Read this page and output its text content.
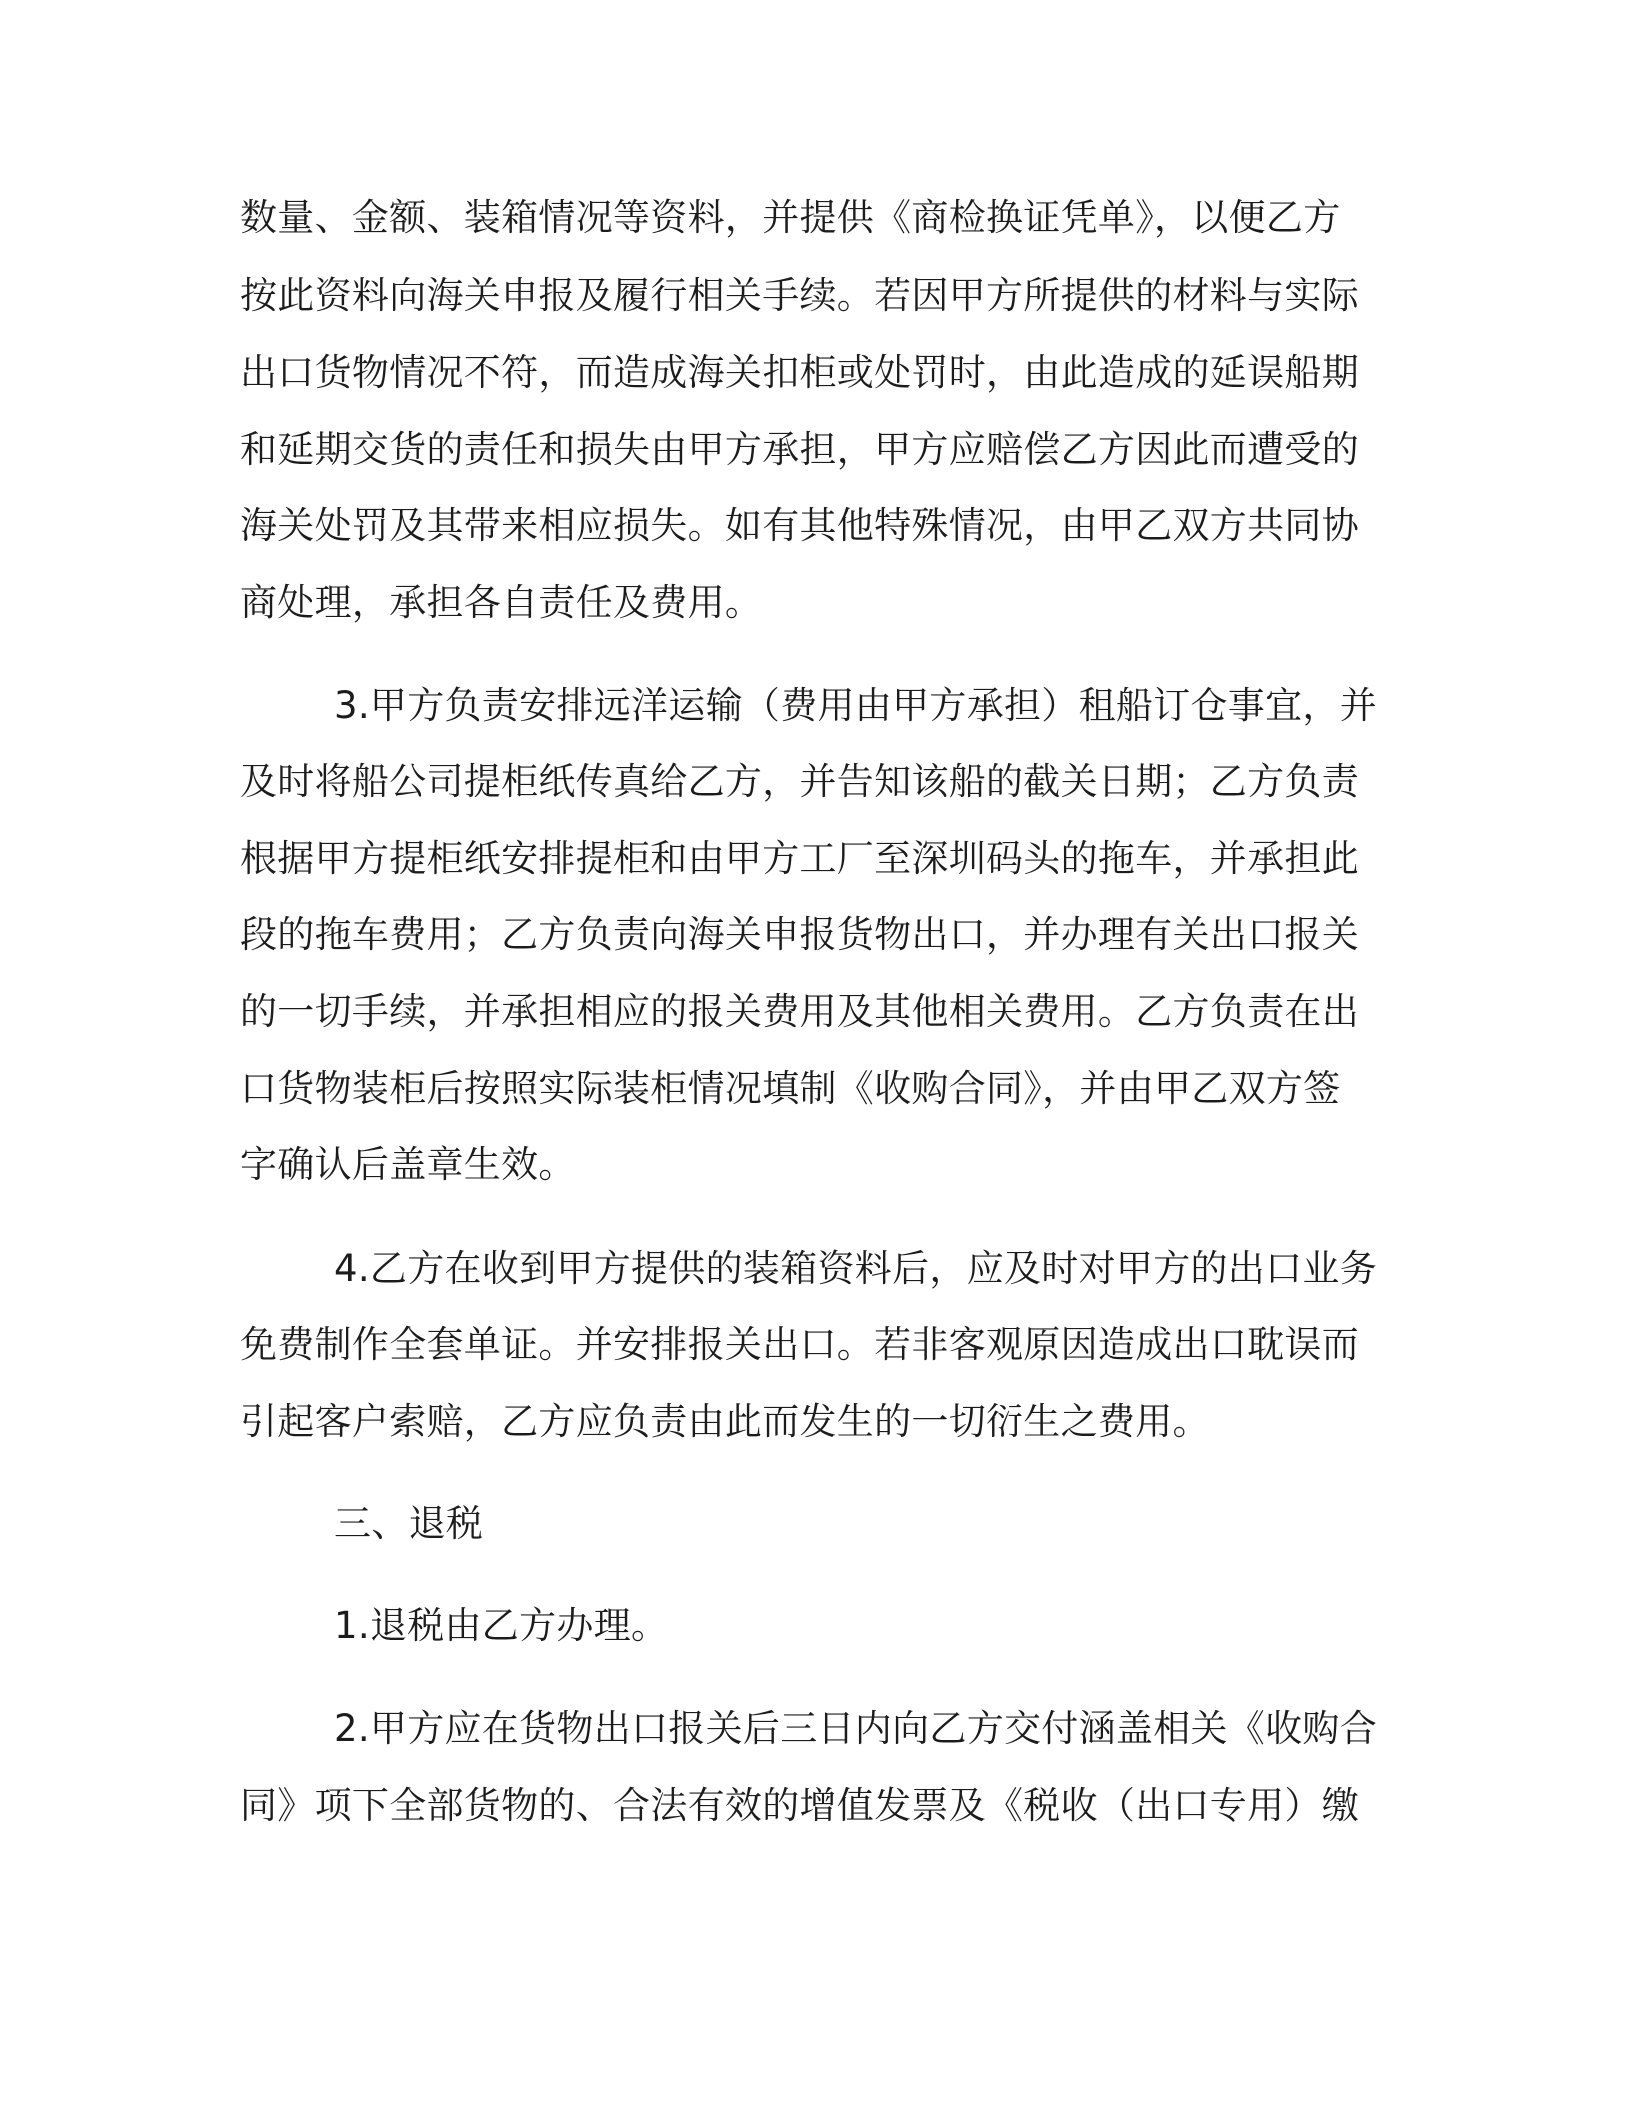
数量、金额、装箱情况等资料，并提供《商检换证凭单》，以便乙方

按此资料向海关申报及履行相关手续。若因甲方所提供的材料与实际

出口货物情况不符，而造成海关扣柜或处罚时，由此造成的延误船期

和延期交货的责任和损失由甲方承担，甲方应赔偿乙方因此而遭受的

海关处罚及其带来相应损失。如有其他特殊情况，由甲乙双方共同协

商处理，承担各自责任及费用。

3.甲方负责安排远洋运输（费用由甲方承担）租船订仓事宜，并

及时将船公司提柜纸传真给乙方，并告知该船的截关日期；乙方负责

根据甲方提柜纸安排提柜和由甲方工厂至深圳码头的拖车，并承担此

段的拖车费用；乙方负责向海关申报货物出口，并办理有关出口报关

的一切手续，并承担相应的报关费用及其他相关费用。乙方负责在出

口货物装柜后按照实际装柜情况填制《收购合同》，并由甲乙双方签

字确认后盖章生效。

4.乙方在收到甲方提供的装箱资料后，应及时对甲方的出口业务

免费制作全套单证。并安排报关出口。若非客观原因造成出口耽误而

引起客户索赔，乙方应负责由此而发生的一切衍生之费用。

三、退税

1.退税由乙方办理。

2.甲方应在货物出口报关后三日内向乙方交付涵盖相关《收购合

同》项下全部货物的、合法有效的增值发票及《税收（出口专用）缴
